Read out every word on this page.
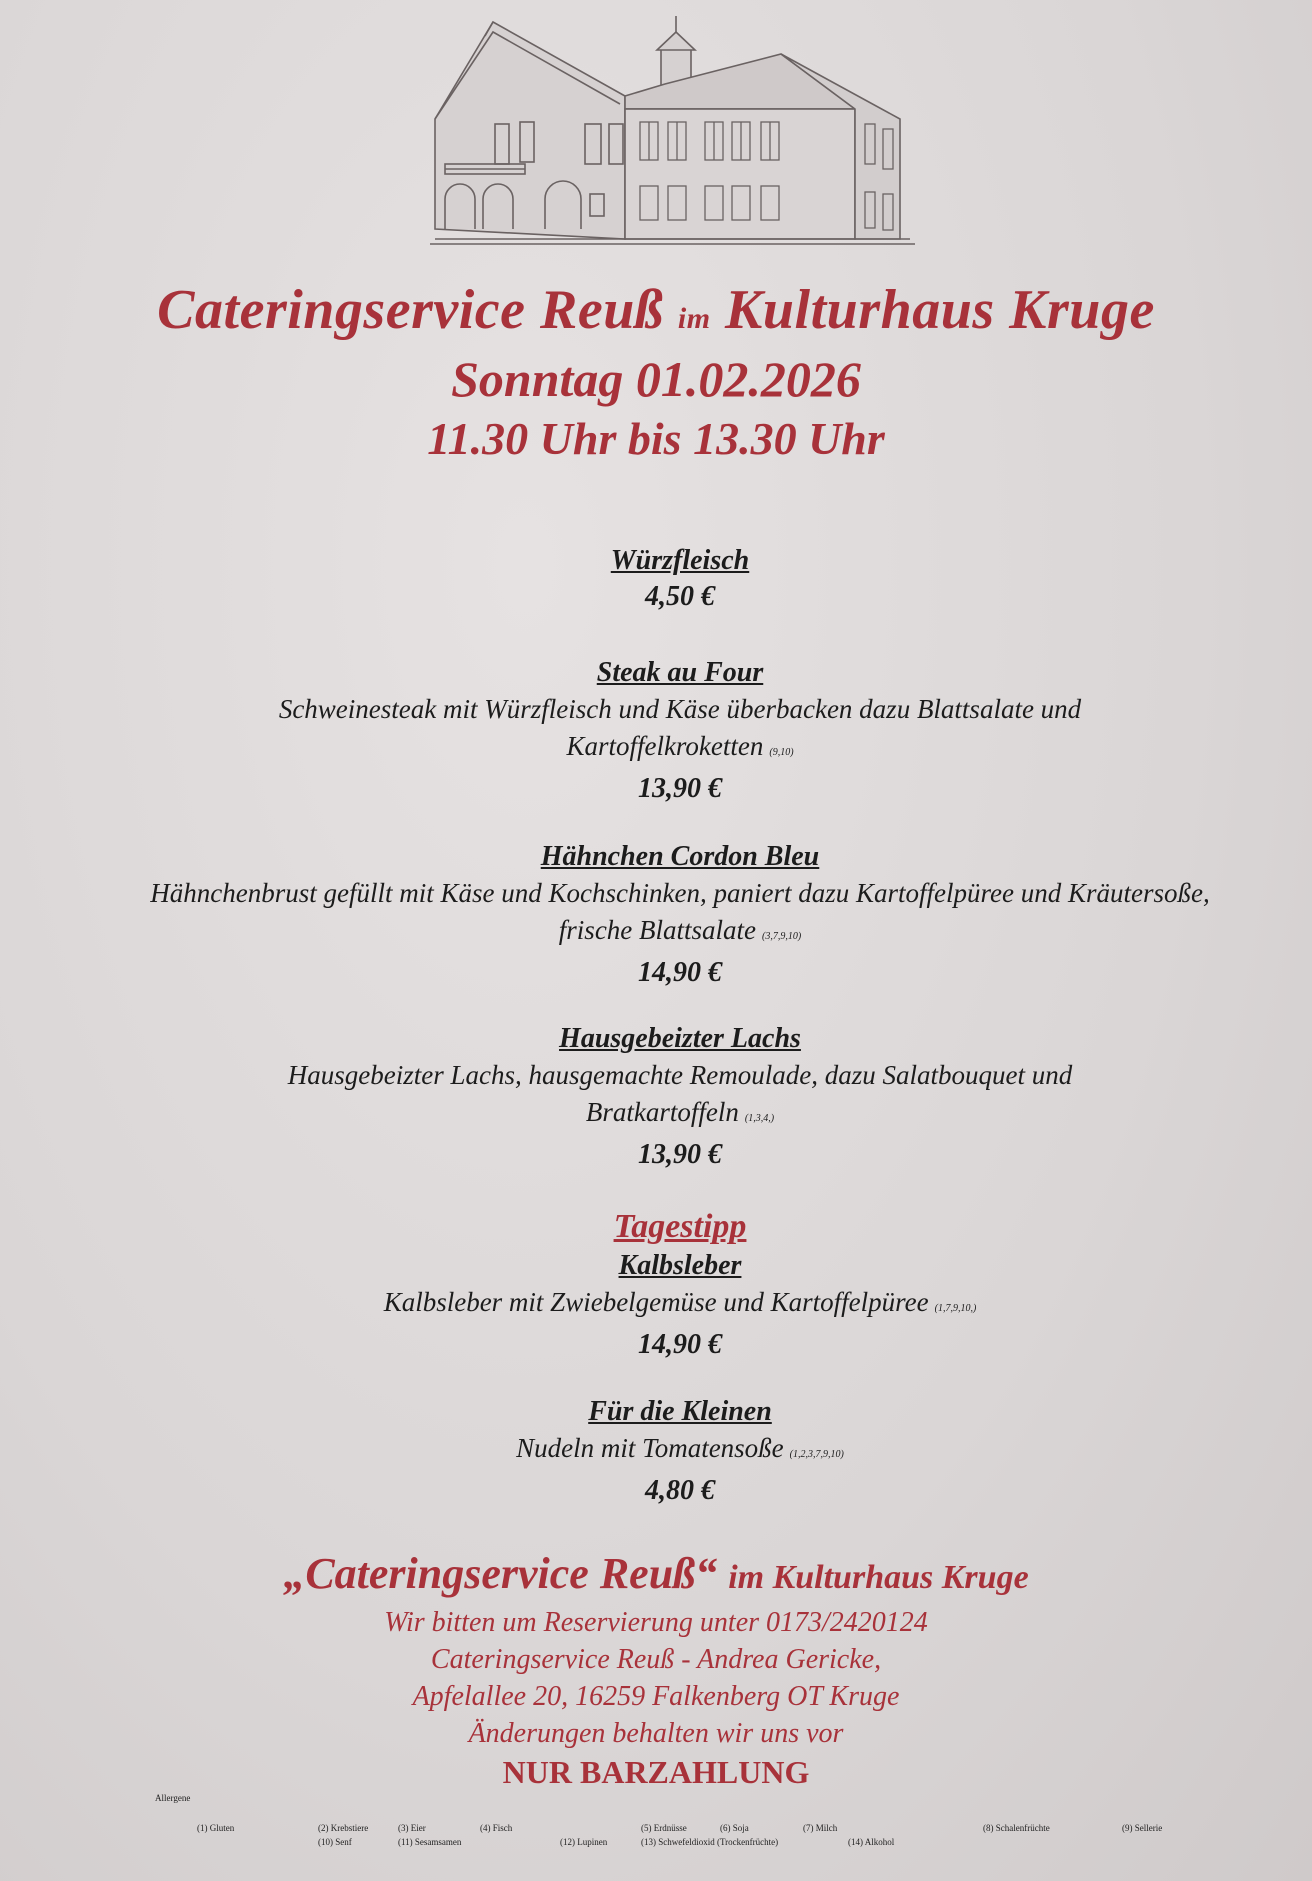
Cateringservice Reuß im Kulturhaus Kruge
Sonntag 01.02.2026
11.30 Uhr bis 13.30 Uhr
Würzfleisch
4,50 €
Steak au Four
Schweinesteak mit Würzfleisch und Käse überbacken dazu Blattsalate und Kartoffelkroketten (9,10)
13,90 €
Hähnchen Cordon Bleu
Hähnchenbrust gefüllt mit Käse und Kochschinken, paniert dazu Kartoffelpüree und Kräutersoße, frische Blattsalate (3,7,9,10)
14,90 €
Hausgebeizter Lachs
Hausgebeizter Lachs, hausgemachte Remoulade, dazu Salatbouquet und Bratkartoffeln (1,3,4,)
13,90 €
Tagestipp
Kalbsleber
Kalbsleber mit Zwiebelgemüse und Kartoffelpüree (1,7,9,10,)
14,90 €
Für die Kleinen
Nudeln mit Tomatensoße (1,2,3,7,9,10)
4,80 €
„Cateringservice Reuß“ im Kulturhaus Kruge
Wir bitten um Reservierung unter 0173/2420124
Cateringservice Reuß - Andrea Gericke,
Apfelallee 20, 16259 Falkenberg OT Kruge
Änderungen behalten wir uns vor
NUR BARZAHLUNG
Allergene
(1) Gluten	(2) Krebstiere
(10) Senf
(3) Eier
(11) Sesamsamen
(4) Fisch
(12) Lupinen
(5) Erdnüsse
(13) Schwefeldioxid (Trockenfrüchte)
(6) Soja	(7) Milch
(14) Alkohol
(8) Schalenfrüchte	(9) Sellerie
